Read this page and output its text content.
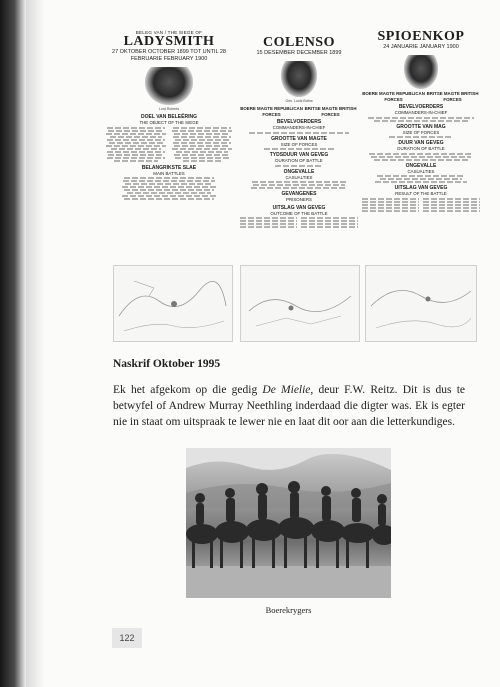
BELEG VAN / THE SIEGE OF
LADYSMITH
27 OKTOBER OCTOBER 1899 TOT UNTIL 28 FEBRUARIE FEBRUARY 1900
Lord Roberts
DOEL VAN BELEËRING
THE OBJECT OF THE SIEGE
BELANGRIKSTE SLAE
MAIN BATTLES
COLENSO
15 DESEMBER DECEMBER 1899
Gen. Louis Botha
BOERE MAGTE REPUBLICAN FORCES
BRITSE MAGTE BRITISH FORCES
BEVELVOERDERS
COMMANDERS-IN-CHIEF
GROOTTE VAN MAGTE
SIZE OF FORCES
TYDSDUUR VAN GEVEG
DURATION OF BATTLE
ONGEVALLE
CASUALTIES
GEVANGENES
PRISONERS
UITSLAG VAN GEVEG
OUTCOME OF THE BATTLE
SPIOENKOP
24 JANUARIE JANUARY 1900
BOERE MAGTE REPUBLICAN FORCES
BRITSE MAGTE BRITISH FORCES
BEVELVOERDERS
COMMANDERS-IN-CHIEF
GROOTTE VAN MAG
SIZE OF FORCES
DUUR VAN GEVEG
DURATION OF BATTLE
ONGEVALLE
CASUALTIES
UITSLAG VAN GEVEG
RESULT OF THE BATTLE
Naskrif Oktober 1995
Ek het afgekom op die gedig De Mielie, deur F.W. Reitz. Dit is dus te betwyfel of Andrew Murray Neethling inderdaad die digter was. Ek is egter nie in staat om uitspraak te lewer nie en laat dit oor aan die letterkundiges.
Boerekrygers
122
